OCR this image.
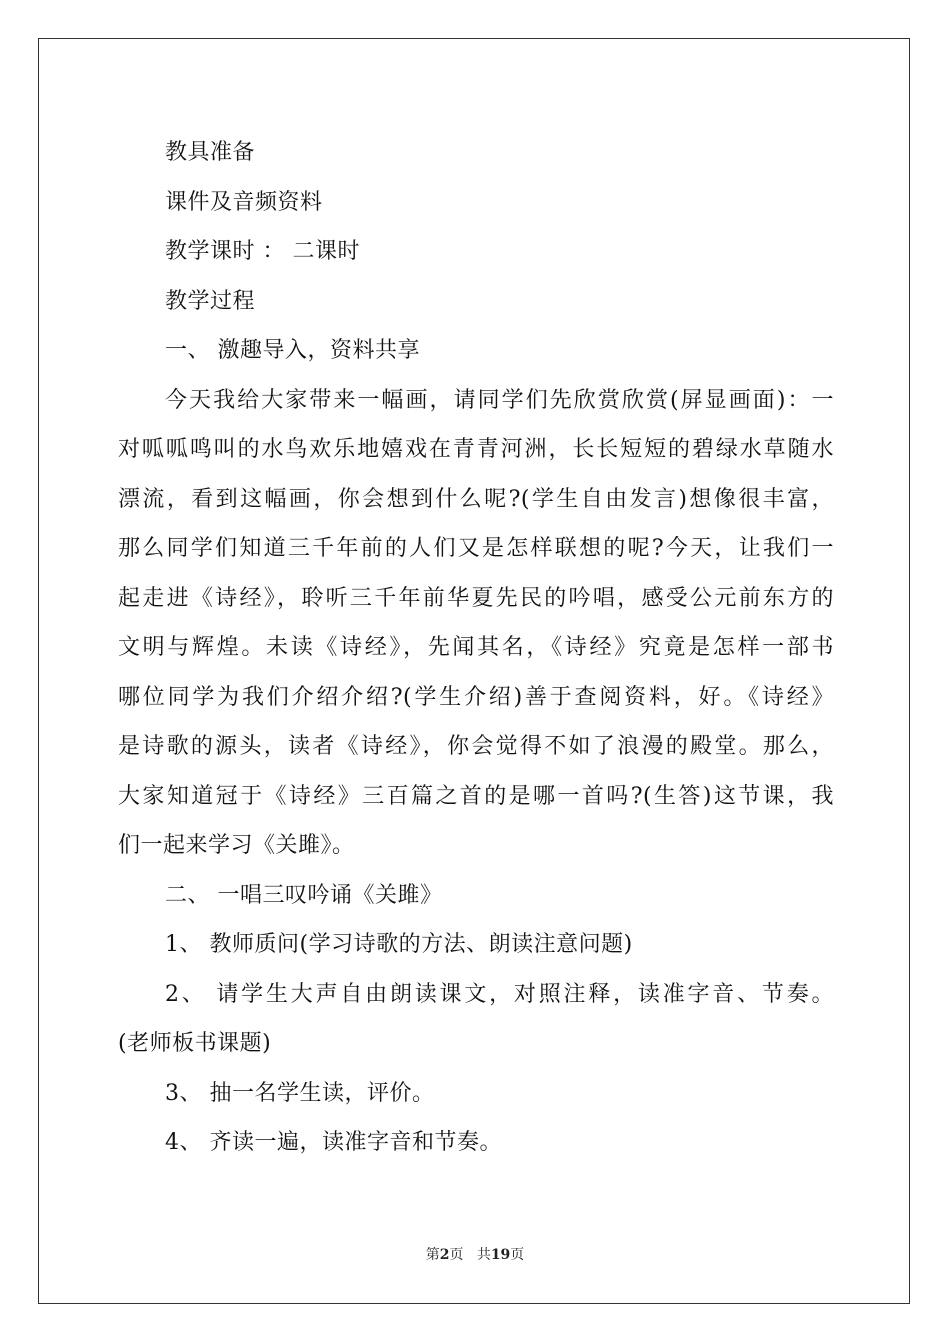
教具准备
课件及音频资料
教学课时 ： 二课时
教学过程
一、 激趣导入，资料共享
今天我给大家带来一幅画，请同学们先欣赏欣赏(屏显画面)：一
对呱呱鸣叫的水鸟欢乐地嬉戏在青青河洲，长长短短的碧绿水草随水
漂流，看到这幅画，你会想到什么呢?(学生自由发言)想像很丰富，
那么同学们知道三千年前的人们又是怎样联想的呢?今天，让我们一
起走进《诗经》，聆听三千年前华夏先民的吟唱，感受公元前东方的
文明与辉煌。未读《诗经》，先闻其名，《诗经》究竟是怎样一部书
哪位同学为我们介绍介绍?(学生介绍)善于查阅资料，好。《诗经》
是诗歌的源头，读者《诗经》，你会觉得不如了浪漫的殿堂。那么，
大家知道冠于《诗经》三百篇之首的是哪一首吗?(生答)这节课，我
们一起来学习《关雎》。
二、 一唱三叹吟诵《关雎》
1、 教师质问(学习诗歌的方法、朗读注意问题)
2、 请学生大声自由朗读课文，对照注释，读准字音、节奏。
(老师板书课题)
3、 抽一名学生读，评价。
4、 齐读一遍，读准字音和节奏。
第2页 共19页
